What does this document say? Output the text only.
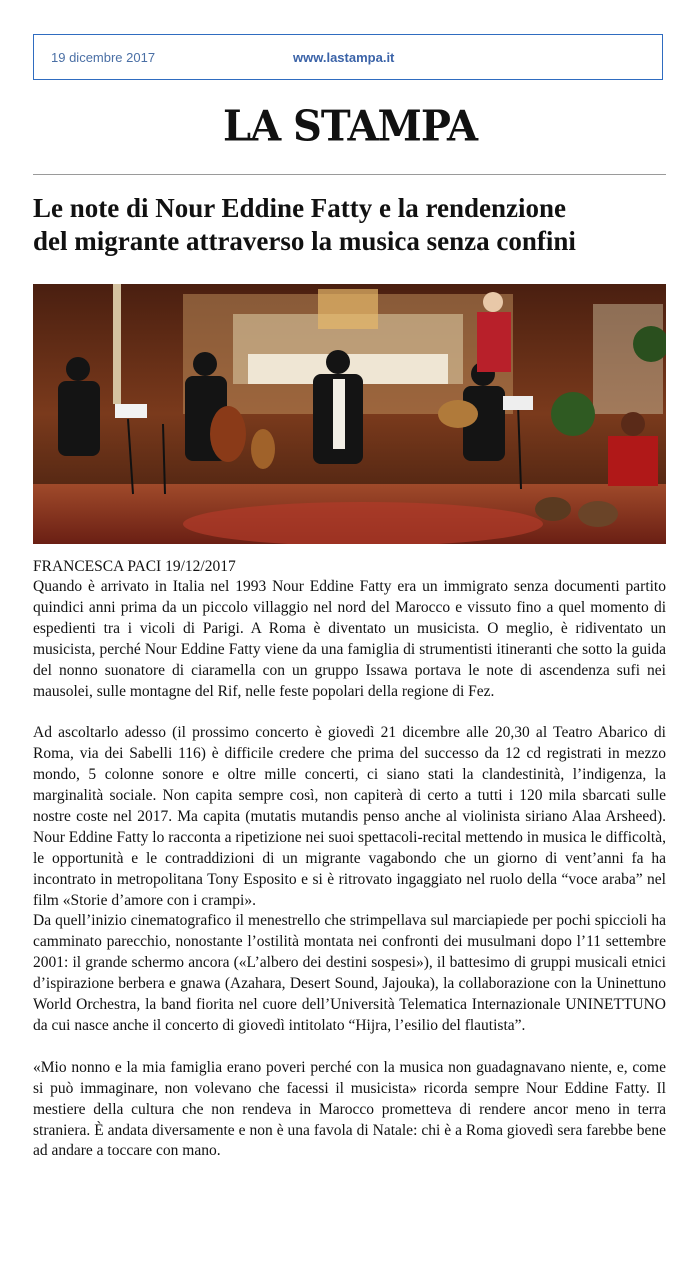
19 dicembre 2017	www.lastampa.it
LA STAMPA
Le note di Nour Eddine Fatty e la rendenzione
del migrante attraverso la musica senza confini
FRANCESCA PACI 19/12/2017

Quando è arrivato in Italia nel 1993 Nour Eddine Fatty era un immigrato senza documenti partito quindici anni prima da un piccolo villaggio nel nord del Marocco e vissuto fino a quel momento di espedienti tra i vicoli di Parigi. A Roma è diventato un musicista. O meglio, è ridiventato un musicista, perché Nour Eddine Fatty viene da una famiglia di strumentisti itineranti che sotto la guida del nonno suonatore di ciaramella con un gruppo Issawa portava le note di ascendenza sufi nei mausolei, sulle montagne del Rif, nelle feste popolari della regione di Fez.

Ad ascoltarlo adesso (il prossimo concerto è giovedì 21 dicembre alle 20,30 al Teatro Abarico di Roma, via dei Sabelli 116) è difficile credere che prima del successo da 12 cd registrati in mezzo mondo, 5 colonne sonore e oltre mille concerti, ci siano stati la clandestinità, l’indigenza, la marginalità sociale. Non capita sempre così, non capiterà di certo a tutti i 120 mila sbarcati sulle nostre coste nel 2017. Ma capita (mutatis mutandis penso anche al violinista siriano Alaa Arsheed). Nour Eddine Fatty lo racconta a ripetizione nei suoi spettacoli-recital mettendo in musica le difficoltà, le opportunità e le contraddizioni di un migrante vagabondo che un giorno di vent’anni fa ha incontrato in metropolitana Tony Esposito e si è ritrovato ingaggiato nel ruolo della “voce araba” nel film «Storie d’amore con i crampi».

Da quell’inizio cinematografico il menestrello che strimpellava sul marciapiede per pochi spiccioli ha camminato parecchio, nonostante l’ostilità montata nei confronti dei musulmani dopo l’11 settembre 2001: il grande schermo ancora («L’albero dei destini sospesi»), il battesimo di gruppi musicali etnici d’ispirazione berbera e gnawa (Azahara, Desert Sound, Jajouka), la collaborazione con la Uninettuno World Orchestra, la band fiorita nel cuore dell’Università Telematica Internazionale UNINETTUNO da cui nasce anche il concerto di giovedì intitolato “Hijra, l’esilio del flautista”.

«Mio nonno e la mia famiglia erano poveri perché con la musica non guadagnavano niente, e, come si può immaginare, non volevano che facessi il musicista» ricorda sempre Nour Eddine Fatty. Il mestiere della cultura che non rendeva in Marocco prometteva di rendere ancor meno in terra straniera. È andata diversamente e non è una favola di Natale: chi è a Roma giovedì sera farebbe bene ad andare a toccare con mano.
